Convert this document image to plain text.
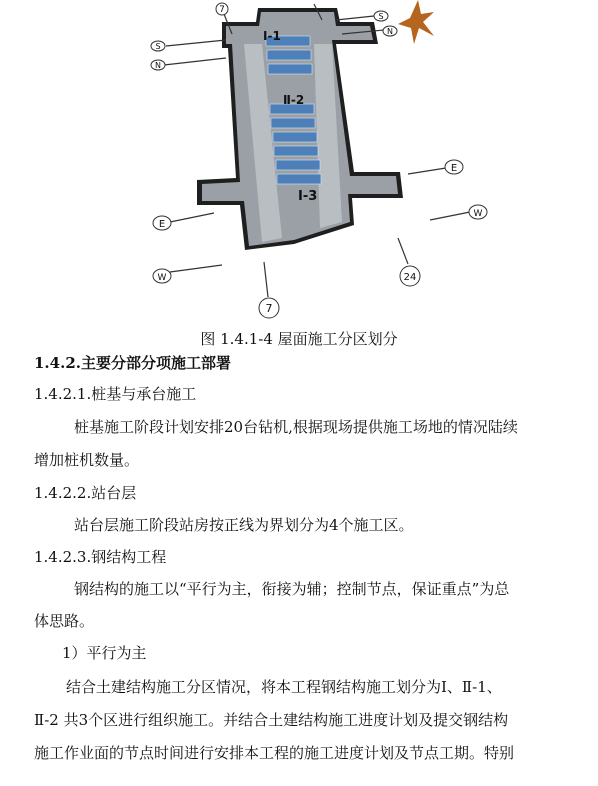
Ⅰ-1
Ⅱ-2
Ⅰ-3
7
S
N
S
N
E
W
E
W
7
24
图 1.4.1-4 屋面施工分区划分
1.4.2.主要分部分项施工部署
1.4.2.1.桩基与承台施工
桩基施工阶段计划安排20台钻机,根据现场提供施工场地的情况陆续
增加桩机数量。
1.4.2.2.站台层
站台层施工阶段站房按正线为界划分为4个施工区。
1.4.2.3.钢结构工程
钢结构的施工以“平行为主，衔接为辅；控制节点，保证重点”为总
体思路。
1）平行为主
结合土建结构施工分区情况，将本工程钢结构施工划分为Ⅰ、Ⅱ-1、
Ⅱ-2 共3个区进行组织施工。并结合土建结构施工进度计划及提交钢结构
施工作业面的节点时间进行安排本工程的施工进度计划及节点工期。特别
